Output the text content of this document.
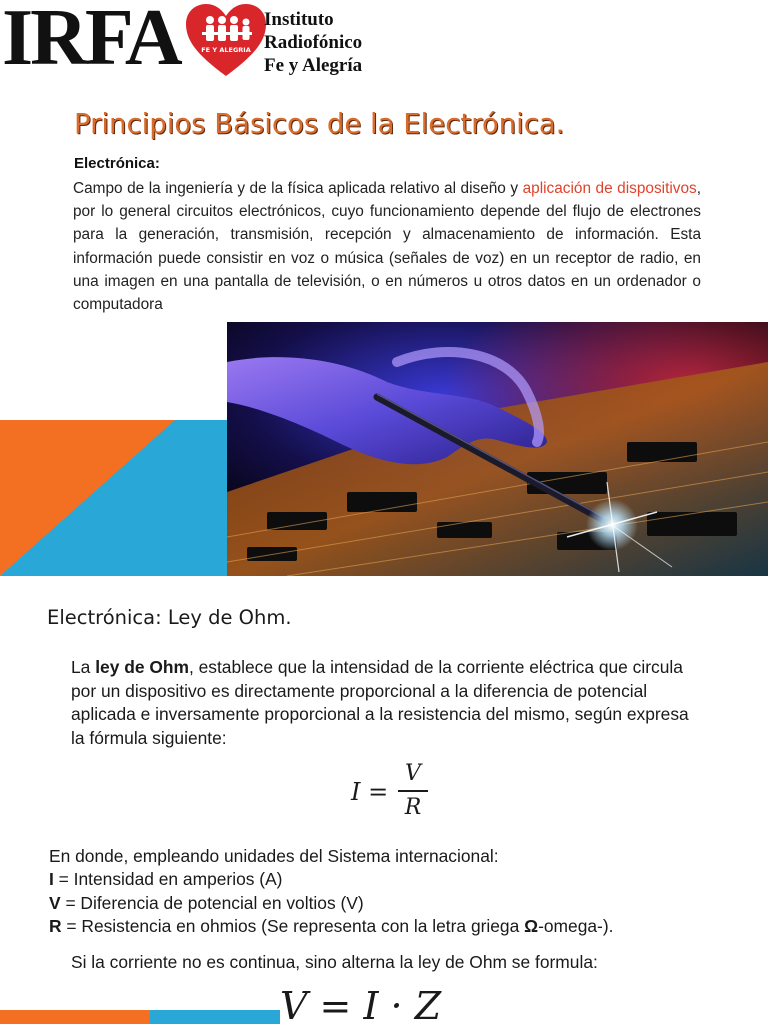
IRFA	FE Y ALEGRIA
Instituto
Radiofónico
Fe y Alegría
Principios Básicos de la Electrónica.
Electrónica:
Campo de la ingeniería y de la física aplicada relativo al diseño y aplicación de dispositivos, por lo general circuitos electrónicos, cuyo funcionamiento depende del flujo de electrones para la generación, transmisión, recepción y almacenamiento de información. Esta información puede consistir en voz o música (señales de voz) en un receptor de radio, en una imagen en una pantalla de televisión, o en números u otros datos en un ordenador o computadora
Electrónica: Ley de Ohm.
La ley de Ohm, establece que la intensidad de la corriente eléctrica que circula por un dispositivo es directamente proporcional a la diferencia de potencial aplicada e inversamente proporcional a la resistencia del mismo, según expresa la fórmula siguiente:
I =
V
R
En donde, empleando unidades del Sistema internacional:
I = Intensidad en amperios (A)
V = Diferencia de potencial en voltios (V)
R = Resistencia en ohmios (Se representa con la letra griega Ω-omega-).
Si la corriente no es continua, sino alterna la ley de Ohm se formula:
V = I · Z
